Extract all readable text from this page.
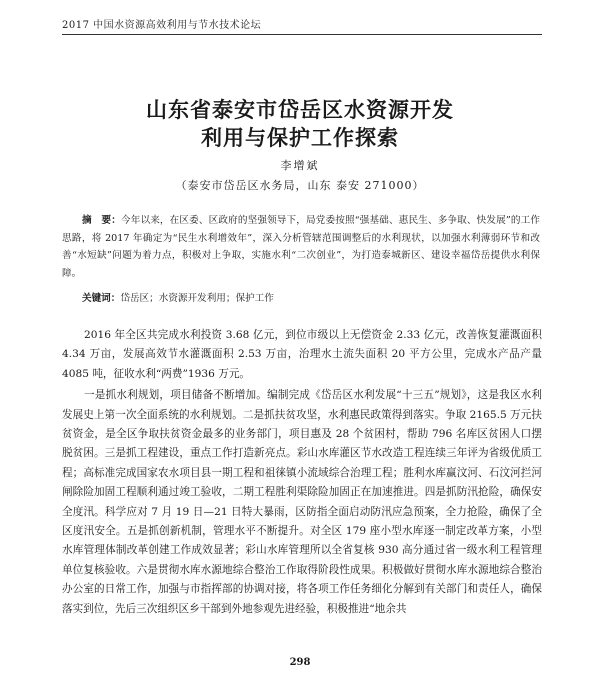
2017 中国水资源高效利用与节水技术论坛
山东省泰安市岱岳区水资源开发
利用与保护工作探索
李增斌
（泰安市岱岳区水务局，山东 泰安 271000）
摘　要：今年以来，在区委、区政府的坚强领导下，局党委按照“强基础、惠民生、多争取、快发展”的工作思路，将 2017 年确定为“民生水利增效年”，深入分析管辖范围调整后的水利现状，以加强水利薄弱环节和改善“水短缺”问题为着力点，积极对上争取，实施水利“二次创业”，为打造泰城新区、建设幸福岱岳提供水利保障。
关键词：岱岳区；水资源开发利用；保护工作

2016 年全区共完成水利投资 3.68 亿元，到位市级以上无偿资金 2.33 亿元，改善恢复灌溉面积 4.34 万亩，发展高效节水灌溉面积 2.53 万亩，治理水土流失面积 20 平方公里，完成水产品产量 4085 吨，征收水利“两费”1936 万元。

一是抓水利规划，项目储备不断增加。编制完成《岱岳区水利发展“十三五”规划》，这是我区水利发展史上第一次全面系统的水利规划。二是抓扶贫攻坚，水利惠民政策得到落实。争取 2165.5 万元扶贫资金，是全区争取扶贫资金最多的业务部门，项目惠及 28 个贫困村，帮助 796 名库区贫困人口摆脱贫困。三是抓工程建设，重点工作打造新亮点。彩山水库灌区节水改造工程连续三年评为省级优质工程；高标准完成国家农水项目县一期工程和祖徕镇小流域综合治理工程；胜利水库赢汶河、石汶河拦河闸除险加固工程顺利通过竣工验收，二期工程胜利渠除险加固正在加速推进。四是抓防汛抢险，确保安全度汛。科学应对 7 月 19 日—21 日特大暴雨，区防指全面启动防汛应急预案，全力抢险，确保了全区度汛安全。五是抓创新机制，管理水平不断提升。对全区 179 座小型水库逐一制定改革方案，小型水库管理体制改革创建工作成效显著；彩山水库管理所以全省复核 930 高分通过省一级水利工程管理单位复核验收。六是贯彻水库水源地综合整治工作取得阶段性成果。积极做好贯彻水库水源地综合整治办公室的日常工作，加强与市指挥部的协调对接，将各项工作任务细化分解到有关部门和责任人，确保落实到位，先后三次组织区乡干部到外地参观先进经验，积极推进“地余共

298
